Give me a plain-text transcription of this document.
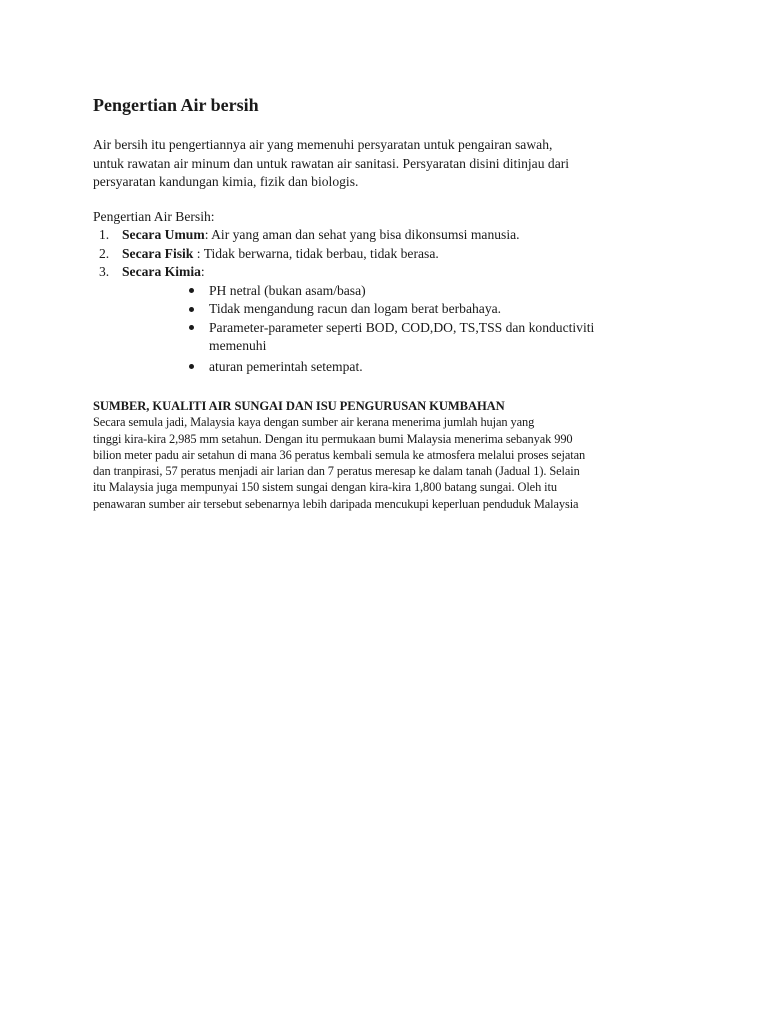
Pengertian Air bersih
Air bersih itu pengertiannya air yang memenuhi persyaratan untuk pengairan sawah,
untuk rawatan air minum dan untuk rawatan air sanitasi. Persyaratan disini ditinjau dari
persyaratan kandungan kimia, fizik dan biologis.
Pengertian Air Bersih:
1. Secara Umum: Air yang aman dan sehat yang bisa dikonsumsi manusia.
2. Secara Fisik : Tidak berwarna, tidak berbau, tidak berasa.
3. Secara Kimia:
PH netral (bukan asam/basa)
Tidak mengandung racun dan logam berat berbahaya.
Parameter-parameter seperti BOD, COD,DO, TS,TSS dan konductiviti
memenuhi
aturan pemerintah setempat.
SUMBER, KUALITI AIR SUNGAI DAN ISU PENGURUSAN KUMBAHAN
Secara semula jadi, Malaysia kaya dengan sumber air kerana menerima jumlah hujan yang
tinggi kira-kira 2,985 mm setahun. Dengan itu permukaan bumi Malaysia menerima sebanyak 990
bilion meter padu air setahun di mana 36 peratus kembali semula ke atmosfera melalui proses sejatan
dan tranpirasi, 57 peratus menjadi air larian dan 7 peratus meresap ke dalam tanah (Jadual 1). Selain
itu Malaysia juga mempunyai 150 sistem sungai dengan kira-kira 1,800 batang sungai. Oleh itu
penawaran sumber air tersebut sebenarnya lebih daripada mencukupi keperluan penduduk Malaysia
